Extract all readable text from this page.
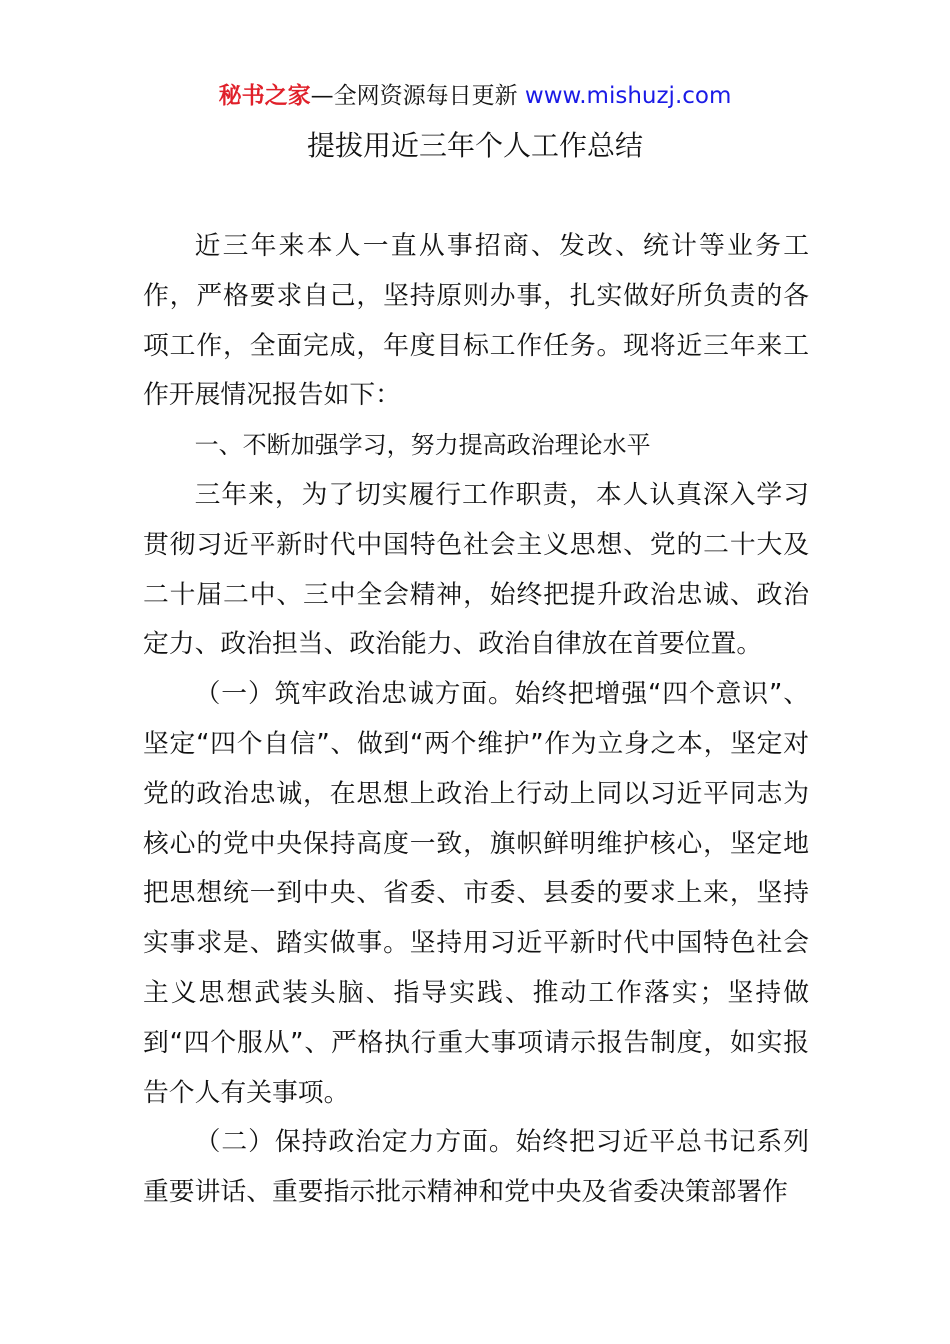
秘书之家—全网资源每日更新 www.mishuzj.com
提拔用近三年个人工作总结

近三年来本人一直从事招商、发改、统计等业务工作，严格要求自己，坚持原则办事，扎实做好所负责的各项工作，全面完成，年度目标工作任务。现将近三年来工作开展情况报告如下：

一、不断加强学习，努力提高政治理论水平

三年来，为了切实履行工作职责，本人认真深入学习贯彻习近平新时代中国特色社会主义思想、党的二十大及二十届二中、三中全会精神，始终把提升政治忠诚、政治定力、政治担当、政治能力、政治自律放在首要位置。

（一）筑牢政治忠诚方面。始终把增强“四个意识”、坚定“四个自信”、做到“两个维护”作为立身之本，坚定对党的政治忠诚，在思想上政治上行动上同以习近平同志为核心的党中央保持高度一致，旗帜鲜明维护核心，坚定地把思想统一到中央、省委、市委、县委的要求上来，坚持实事求是、踏实做事。坚持用习近平新时代中国特色社会主义思想武装头脑、指导实践、推动工作落实；坚持做到“四个服从”、严格执行重大事项请示报告制度，如实报告个人有关事项。

（二）保持政治定力方面。始终把习近平总书记系列重要讲话、重要指示批示精神和党中央及省委决策部署作
